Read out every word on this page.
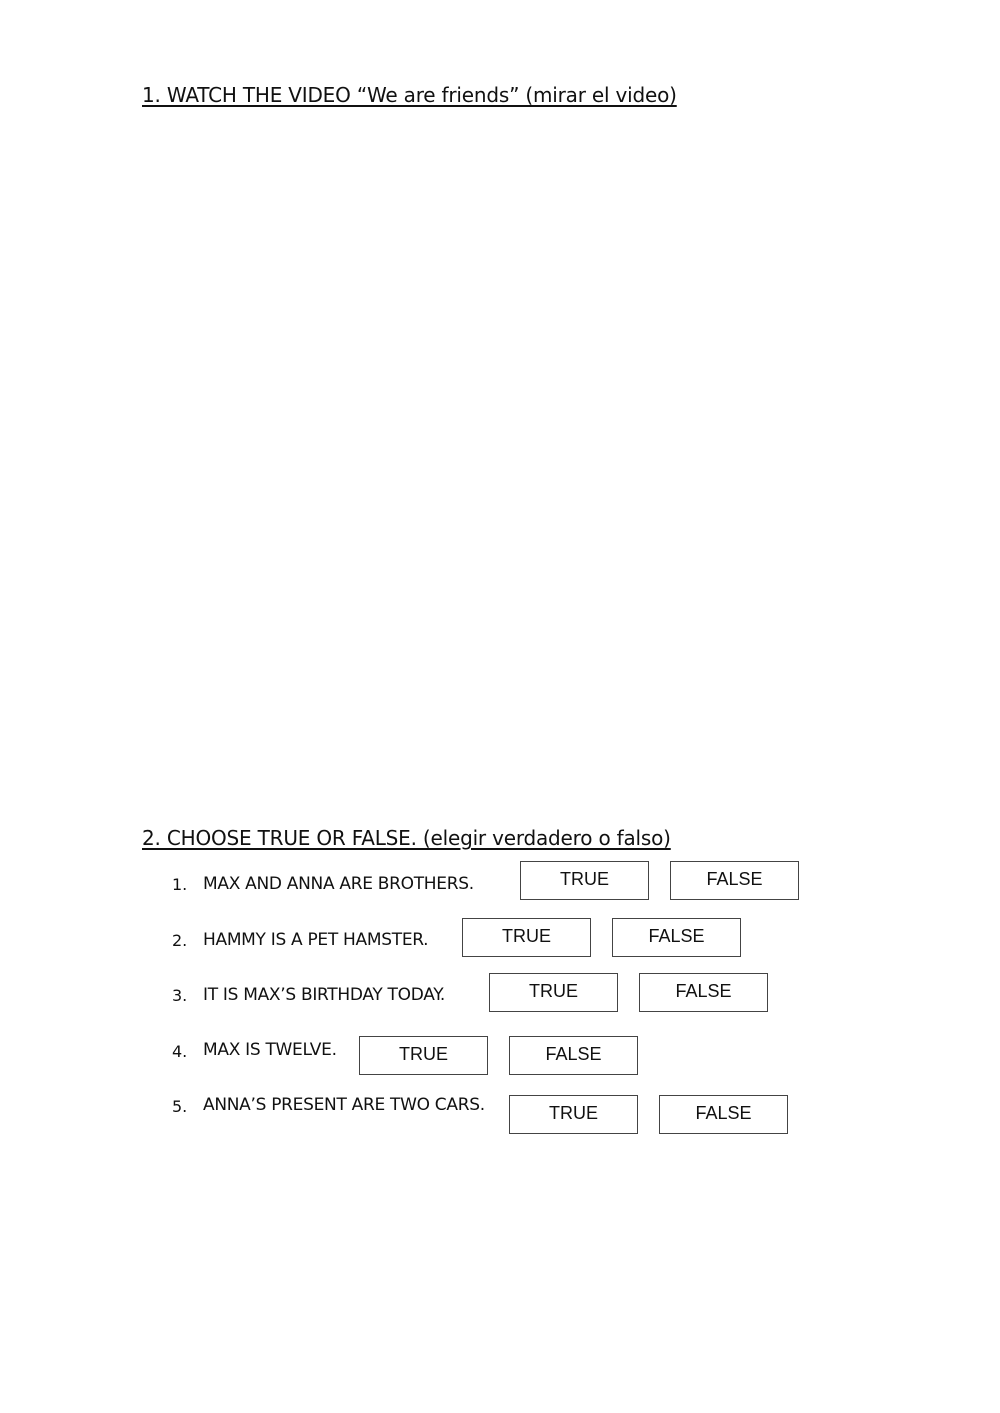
1. WATCH THE VIDEO “We are friends” (mirar el video)
2. CHOOSE TRUE OR FALSE. (elegir verdadero o falso)
1. MAX AND ANNA ARE BROTHERS.	TRUE	FALSE
2. HAMMY IS A PET HAMSTER.	TRUE	FALSE
3. IT IS MAX’S BIRTHDAY TODAY.	TRUE	FALSE
4. MAX IS TWELVE.	TRUE	FALSE
5. ANNA’S PRESENT ARE TWO CARS.	TRUE	FALSE
